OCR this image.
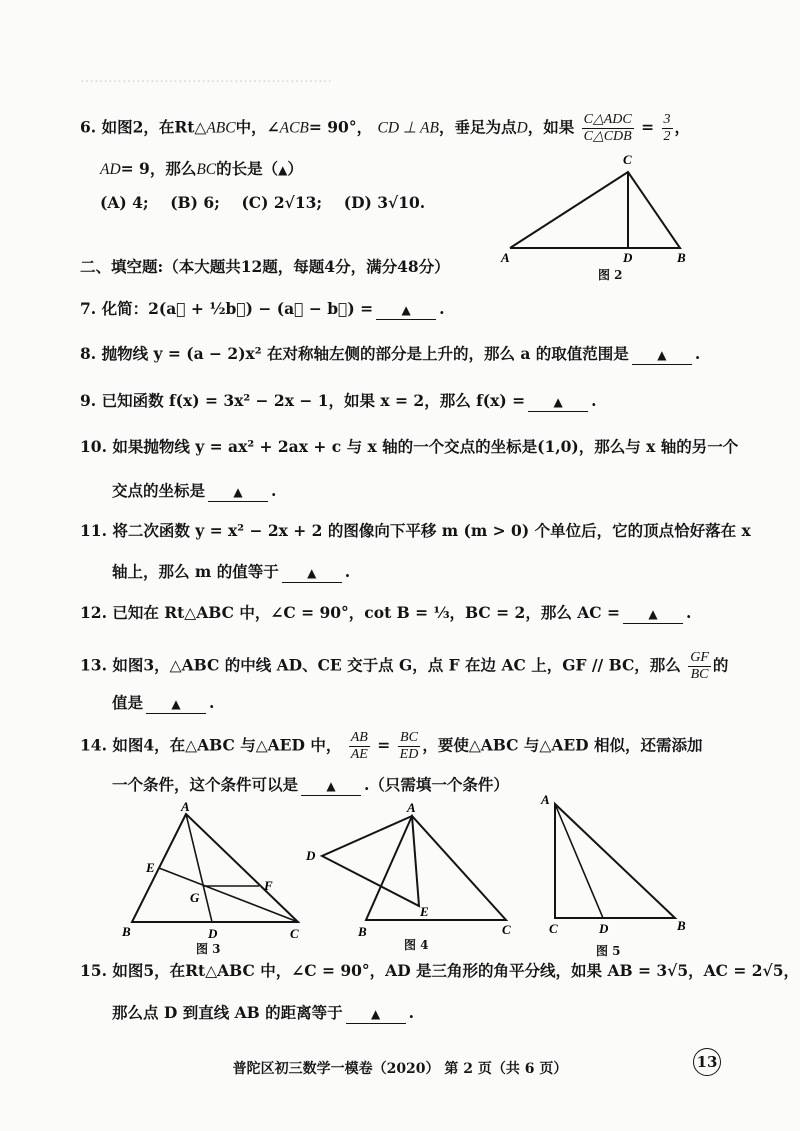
………………………………………………
6. 如图2，在Rt△ABC中，∠ACB= 90°， CD ⊥ AB，垂足为点D，如果 $\frac{\text{C△ADC}}{\text{C△CDB}} = \frac{3}{2}$ ，
AD= 9，那么BC的长是（▲）
(A) 4; (B) 6; (C) 2√13; (D) 3√10.
A
C
D	B
图 2
二、填空题:（本大题共12题，每题4分，满分48分）
7. 化简：2(a⃗ + ½b⃗) − (a⃗ − b⃗) = ▲ .
8. 抛物线 y = (a − 2)x² 在对称轴左侧的部分是上升的，那么 a 的取值范围是 ▲ .
9. 已知函数 f(x) = 3x² − 2x − 1，如果 x = 2，那么 f(x) = ▲ .
10. 如果抛物线 y = ax² + 2ax + c 与 x 轴的一个交点的坐标是(1,0)，那么与 x 轴的另一个
交点的坐标是 ▲ .
11. 将二次函数 y = x² − 2x + 2 的图像向下平移 m (m > 0) 个单位后，它的顶点恰好落在 x
轴上，那么 m 的值等于 ▲ .
12. 已知在 Rt△ABC 中，∠C = 90°，cot B = ⅓，BC = 2，那么 AC = ▲ .
13. 如图3，△ABC 的中线 AD、CE 交于点 G，点 F 在边 AC 上，GF // BC，那么 $\frac{GF}{BC}$ 的
值是 ▲ .
14. 如图4，在△ABC 与△AED 中， $\frac{AB}{AE} = \frac{BC}{ED}$ ，要使△ABC 与△AED 相似，还需添加
一个条件，这个条件可以是 ▲ .（只需填一个条件）
A
E
G
F
B	D	C
图 3
A
D
E
B	C
图 4
A
C	D	B
图 5
15. 如图5，在Rt△ABC 中，∠C = 90°，AD 是三角形的角平分线，如果 AB = 3√5，AC = 2√5，
那么点 D 到直线 AB 的距离等于 ▲ .
普陀区初三数学一模卷（2020） 第 2 页（共 6 页）	13
